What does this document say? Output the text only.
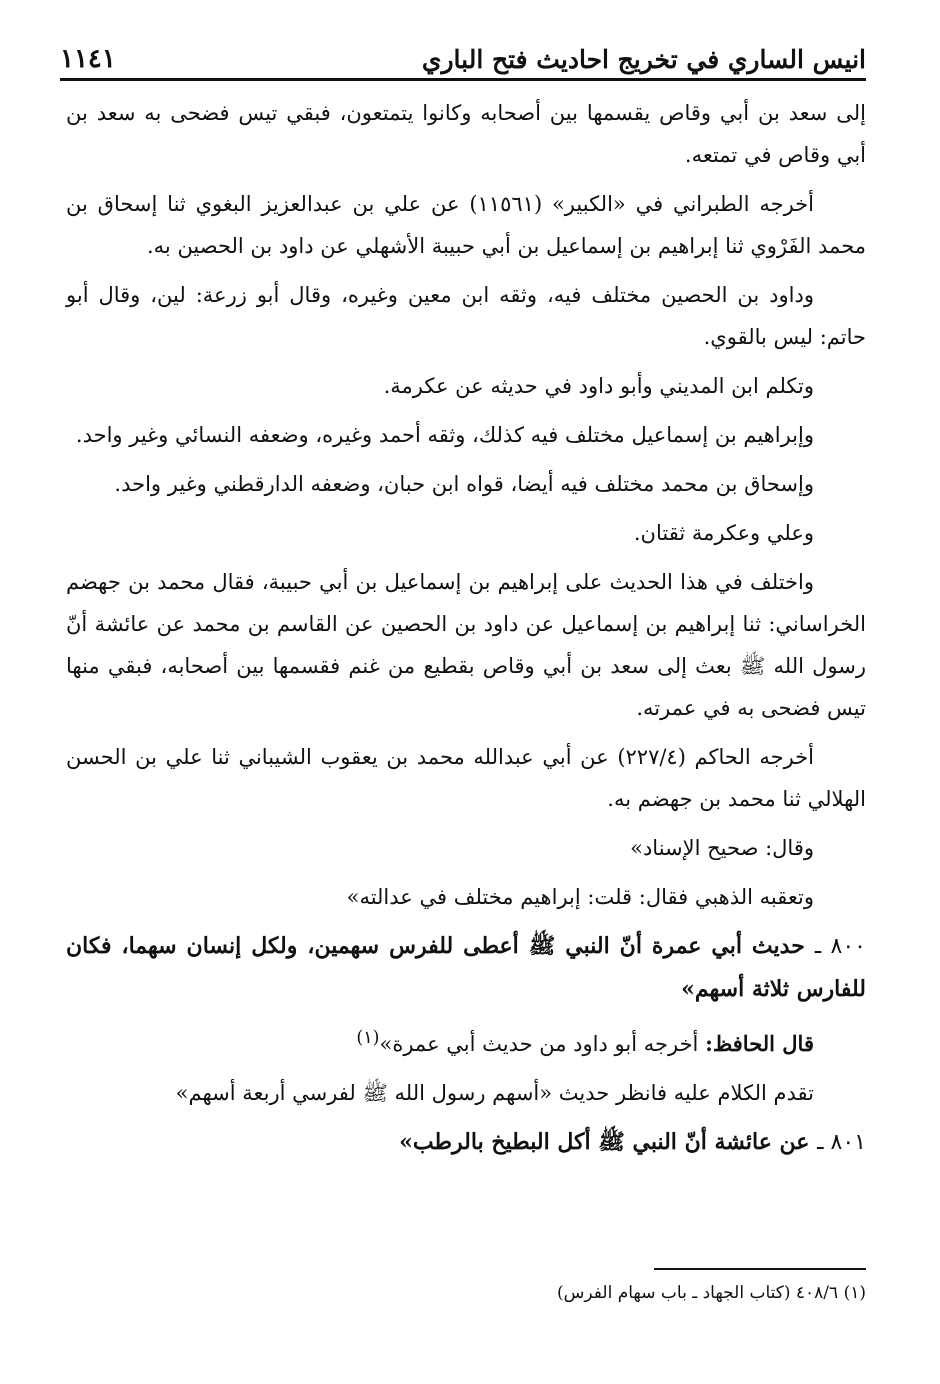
انيس الساري في تخريج احاديث فتح الباري
١١٤١

إلى سعد بن أبي وقاص يقسمها بين أصحابه وكانوا يتمتعون، فبقي تيس فضحى به سعد بن أبي وقاص في تمتعه.

أخرجه الطبراني في «الكبير» (١١٥٦١) عن علي بن عبدالعزيز البغوي ثنا إسحاق بن محمد الفَرْوي ثنا إبراهيم بن إسماعيل بن أبي حبيبة الأشهلي عن داود بن الحصين به.

وداود بن الحصين مختلف فيه، وثقه ابن معين وغيره، وقال أبو زرعة: لين، وقال أبو حاتم: ليس بالقوي.

وتكلم ابن المديني وأبو داود في حديثه عن عكرمة.

وإبراهيم بن إسماعيل مختلف فيه كذلك، وثقه أحمد وغيره، وضعفه النسائي وغير واحد.

وإسحاق بن محمد مختلف فيه أيضا، قواه ابن حبان، وضعفه الدارقطني وغير واحد.

وعلي وعكرمة ثقتان.

واختلف في هذا الحديث على إبراهيم بن إسماعيل بن أبي حبيبة، فقال محمد بن جهضم الخراساني: ثنا إبراهيم بن إسماعيل عن داود بن الحصين عن القاسم بن محمد عن عائشة أنّ رسول الله ﷺ بعث إلى سعد بن أبي وقاص بقطيع من غنم فقسمها بين أصحابه، فبقي منها تيس فضحى به في عمرته.

أخرجه الحاكم (٢٢٧/٤) عن أبي عبدالله محمد بن يعقوب الشيباني ثنا علي بن الحسن الهلالي ثنا محمد بن جهضم به.

وقال: صحيح الإسناد»

وتعقبه الذهبي فقال: قلت: إبراهيم مختلف في عدالته»

٨٠٠ ـ حديث أبي عمرة أنّ النبي ﷺ أعطى للفرس سهمين، ولكل إنسان سهما، فكان للفارس ثلاثة أسهم»

قال الحافظ: أخرجه أبو داود من حديث أبي عمرة»$^{(١)}$

تقدم الكلام عليه فانظر حديث «أسهم رسول الله ﷺ لفرسي أربعة أسهم»

٨٠١ ـ عن عائشة أنّ النبي ﷺ أكل البطيخ بالرطب»

(١) ٤٠٨/٦ (كتاب الجهاد ـ باب سهام الفرس)
